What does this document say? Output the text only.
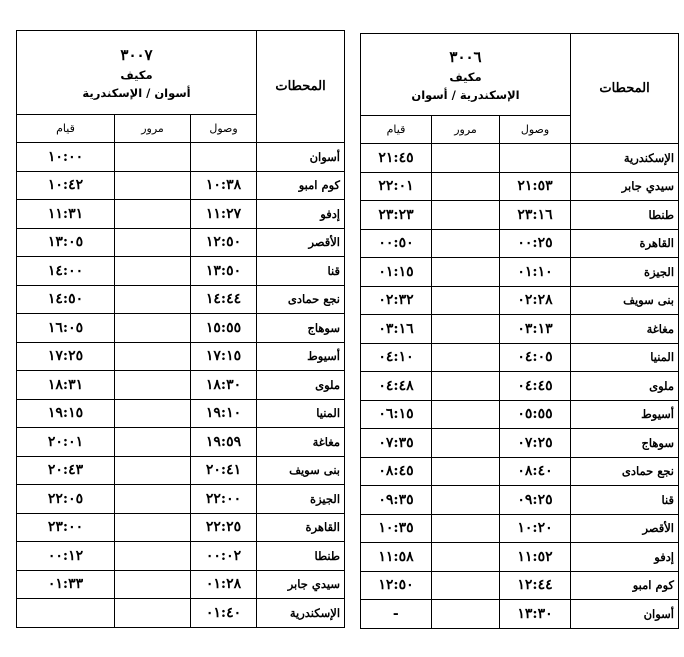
المحطات	٣٠٠٧
مكيف
أسوان / الإسكندرية		

	وصول	مرور	قيام
أسوان			١٠:٠٠
كوم امبو	١٠:٣٨		١٠:٤٢
إدفو	١١:٢٧		١١:٣١
الأقصر	١٢:٥٠		١٣:٠٥
قنا	١٣:٥٠		١٤:٠٠
نجع حمادى	١٤:٤٤		١٤:٥٠
سوهاج	١٥:٥٥		١٦:٠٥
أسيوط	١٧:١٥		١٧:٢٥
ملوى	١٨:٣٠		١٨:٣١
المنيا	١٩:١٠		١٩:١٥
مغاغة	١٩:٥٩		٢٠:٠١
بنى سويف	٢٠:٤١		٢٠:٤٣
الجيزة	٢٢:٠٠		٢٢:٠٥
القاهرة	٢٢:٢٥		٢٣:٠٠
طنطا	٠٠:٠٢		٠٠:١٢
سيدي جابر	٠١:٢٨		٠١:٣٣
الإسكندرية	٠١:٤٠		
المحطات	٣٠٠٦
مكيف
الإسكندرية / أسوان		

	وصول	مرور	قيام
الإسكندرية			٢١:٤٥
سيدي جابر	٢١:٥٣		٢٢:٠١
طنطا	٢٣:١٦		٢٣:٢٣
القاهرة	٠٠:٢٥		٠٠:٥٠
الجيزة	٠١:١٠		٠١:١٥
بنى سويف	٠٢:٢٨		٠٢:٣٢
مغاغة	٠٣:١٣		٠٣:١٦
المنيا	٠٤:٠٥		٠٤:١٠
ملوى	٠٤:٤٥		٠٤:٤٨
أسيوط	٠٥:٥٥		٠٦:١٥
سوهاج	٠٧:٢٥		٠٧:٣٥
نجع حمادى	٠٨:٤٠		٠٨:٤٥
قنا	٠٩:٢٥		٠٩:٣٥
الأقصر	١٠:٢٠		١٠:٣٥
إدفو	١١:٥٢		١١:٥٨
كوم امبو	١٢:٤٤		١٢:٥٠
أسوان	١٣:٣٠		-
